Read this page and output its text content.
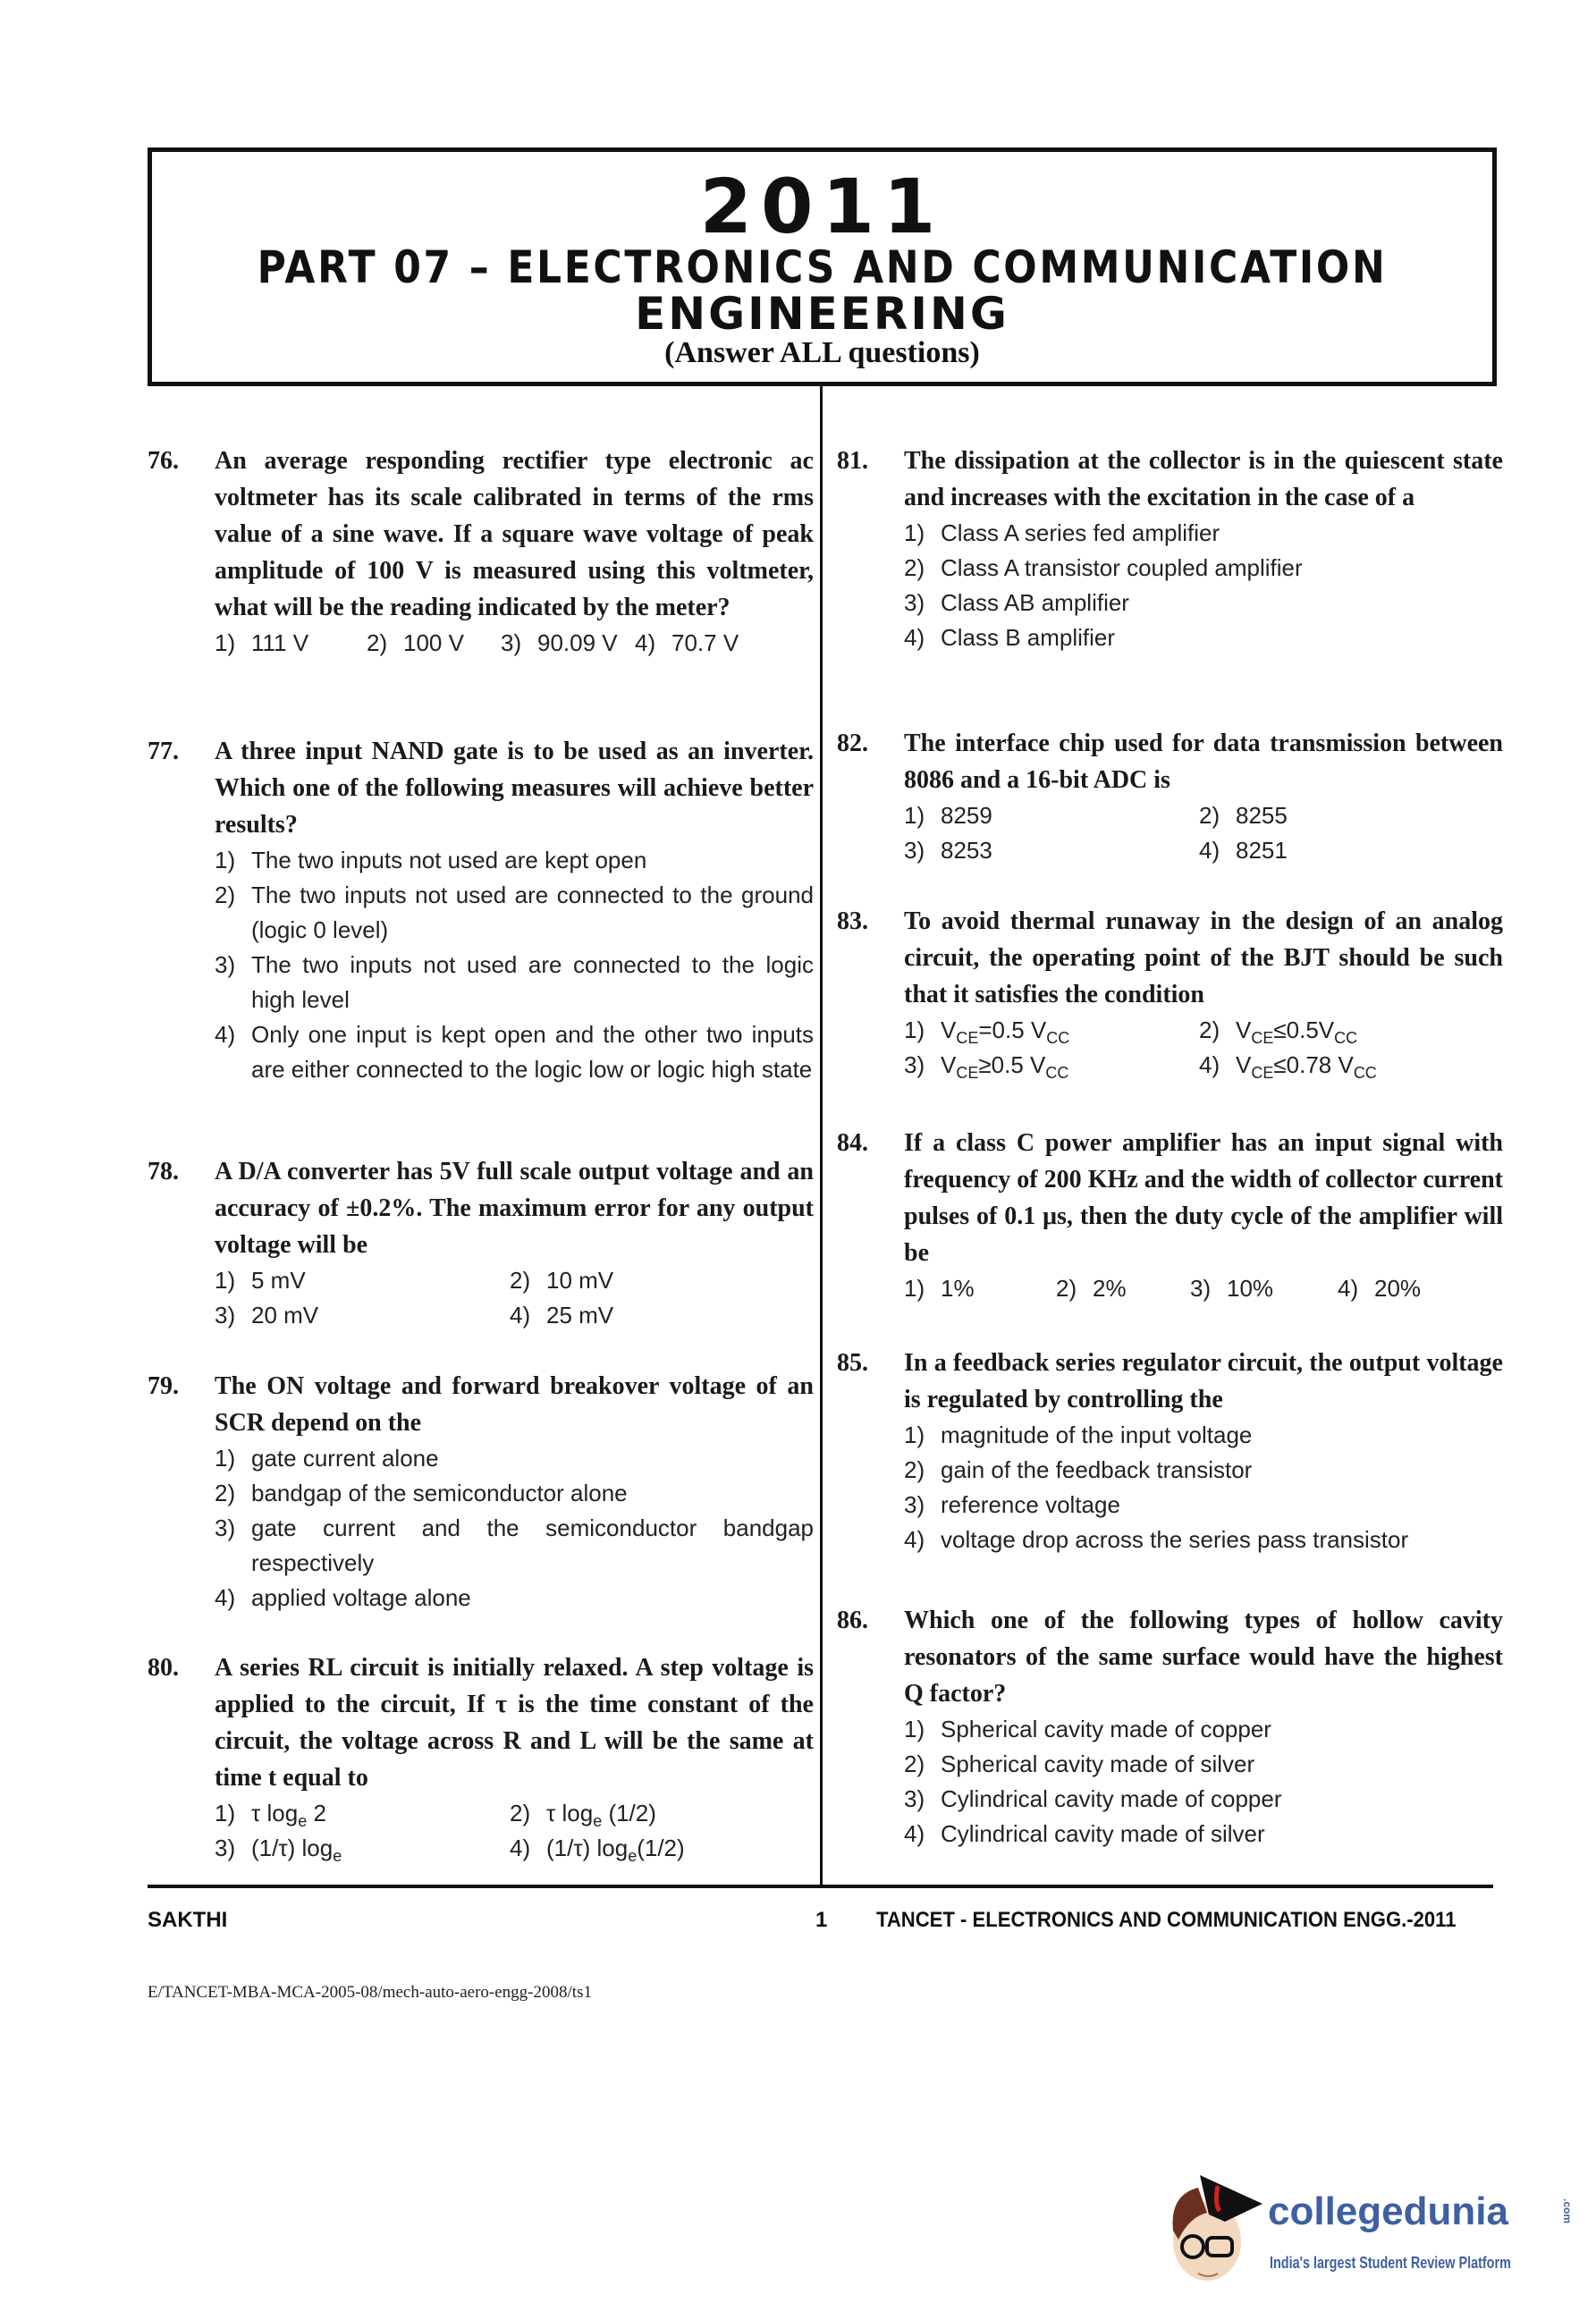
2011
PART 07 – ELECTRONICS AND COMMUNICATION
ENGINEERING
(Answer ALL questions)
76. An average responding rectifier type electronic ac voltmeter has its scale calibrated in terms of the rms value of a sine wave. If a square wave voltage of peak amplitude of 100 V is measured using this voltmeter, what will be the reading indicated by the meter?
1) 111 V 2) 100 V 3) 90.09 V 4) 70.7 V
77. A three input NAND gate is to be used as an inverter. Which one of the following measures will achieve better results?
1) The two inputs not used are kept open
2) The two inputs not used are connected to the ground (logic 0 level)
3) The two inputs not used are connected to the logic high level
4) Only one input is kept open and the other two inputs are either connected to the logic low or logic high state
78. A D/A converter has 5V full scale output voltage and an accuracy of ±0.2%. The maximum error for any output voltage will be
1) 5 mV	2) 10 mV
3) 20 mV	4) 25 mV
79. The ON voltage and forward breakover voltage of an SCR depend on the
1) gate current alone
2) bandgap of the semiconductor alone
3) gate current and the semiconductor bandgap respectively
4) applied voltage alone
80. A series RL circuit is initially relaxed. A step voltage is applied to the circuit, If τ is the time constant of the circuit, the voltage across R and L will be the same at time t equal to
1) τ $\log_e 2$	2) τ $\log_e (1/2)$
3) (1/τ) $\log_e$	4) (1/τ) $\log_e(1/2)$
81. The dissipation at the collector is in the quiescent state and increases with the excitation in the case of a
1) Class A series fed amplifier
2) Class A transistor coupled amplifier
3) Class AB amplifier
4) Class B amplifier
82. The interface chip used for data transmission between 8086 and a 16-bit ADC is
1) 8259	2) 8255
3) 8253	4) 8251
83. To avoid thermal runaway in the design of an analog circuit, the operating point of the BJT should be such that it satisfies the condition
1) $V_{CE}=0.5$ $V_{CC}$	2) $V_{CE}\le 0.5V_{CC}$
3) $V_{CE}\ge 0.5$ $V_{CC}$	4) $V_{CE}\le 0.78$ $V_{CC}$
84. If a class C power amplifier has an input signal with frequency of 200 KHz and the width of collector current pulses of 0.1 μs, then the duty cycle of the amplifier will be
1) 1%	2) 2%	3) 10%	4) 20%
85. In a feedback series regulator circuit, the output voltage is regulated by controlling the
1) magnitude of the input voltage
2) gain of the feedback transistor
3) reference voltage
4) voltage drop across the series pass transistor
86. Which one of the following types of hollow cavity resonators of the same surface would have the highest Q factor?
1) Spherical cavity made of copper
2) Spherical cavity made of silver
3) Cylindrical cavity made of copper
4) Cylindrical cavity made of silver
SAKTHI	1 TANCET - ELECTRONICS AND COMMUNICATION ENGG.-2011
E/TANCET-MBA-MCA-2005-08/mech-auto-aero-engg-2008/ts1
collegedunia	.com
India's largest Student Review Platform
